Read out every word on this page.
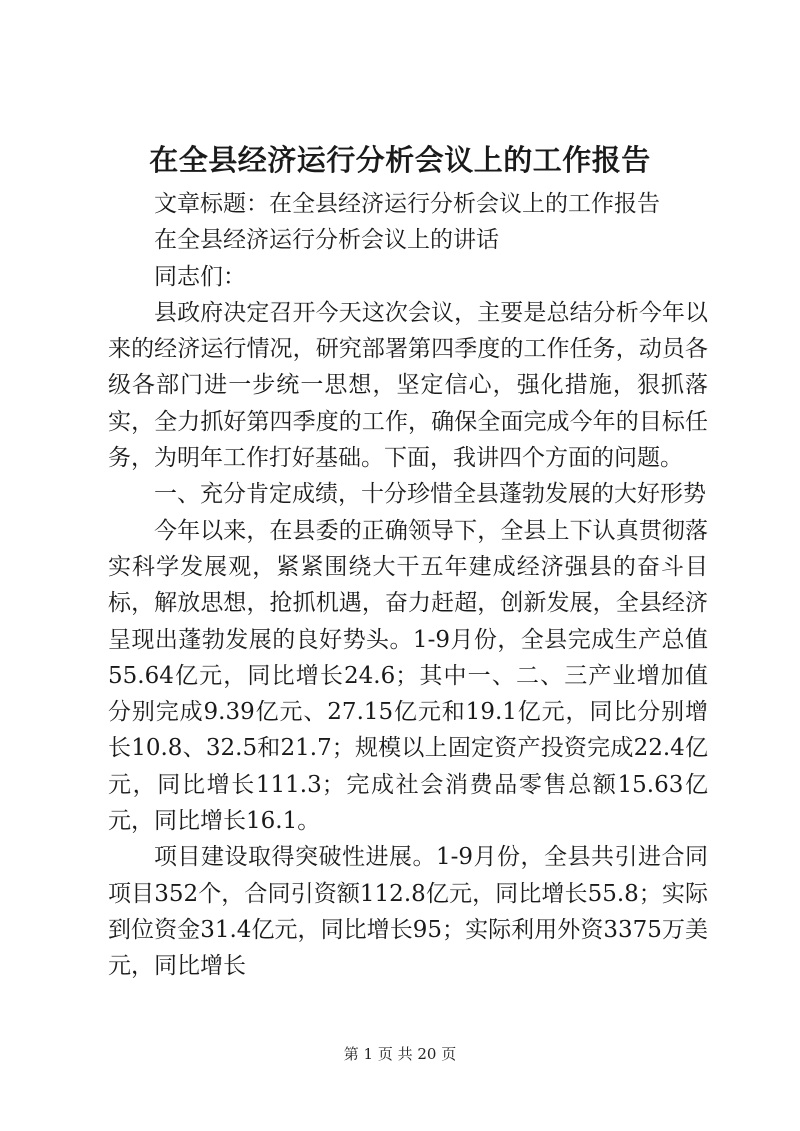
在全县经济运行分析会议上的工作报告

文章标题：在全县经济运行分析会议上的工作报告

在全县经济运行分析会议上的讲话

同志们：

县政府决定召开今天这次会议，主要是总结分析今年以来的经济运行情况，研究部署第四季度的工作任务，动员各级各部门进一步统一思想，坚定信心，强化措施，狠抓落实，全力抓好第四季度的工作，确保全面完成今年的目标任务，为明年工作打好基础。下面，我讲四个方面的问题。

一、充分肯定成绩，十分珍惜全县蓬勃发展的大好形势

今年以来，在县委的正确领导下，全县上下认真贯彻落实科学发展观，紧紧围绕大干五年建成经济强县的奋斗目标，解放思想，抢抓机遇，奋力赶超，创新发展，全县经济呈现出蓬勃发展的良好势头。1-9月份，全县完成生产总值55.64亿元，同比增长24.6；其中一、二、三产业增加值分别完成9.39亿元、27.15亿元和19.1亿元，同比分别增长10.8、32.5和21.7；规模以上固定资产投资完成22.4亿元，同比增长111.3；完成社会消费品零售总额15.63亿元，同比增长16.1。

项目建设取得突破性进展。1-9月份，全县共引进合同项目352个，合同引资额112.8亿元，同比增长55.8；实际到位资金31.4亿元，同比增长95；实际利用外资3375万美元，同比增长

第 1 页 共 20 页
